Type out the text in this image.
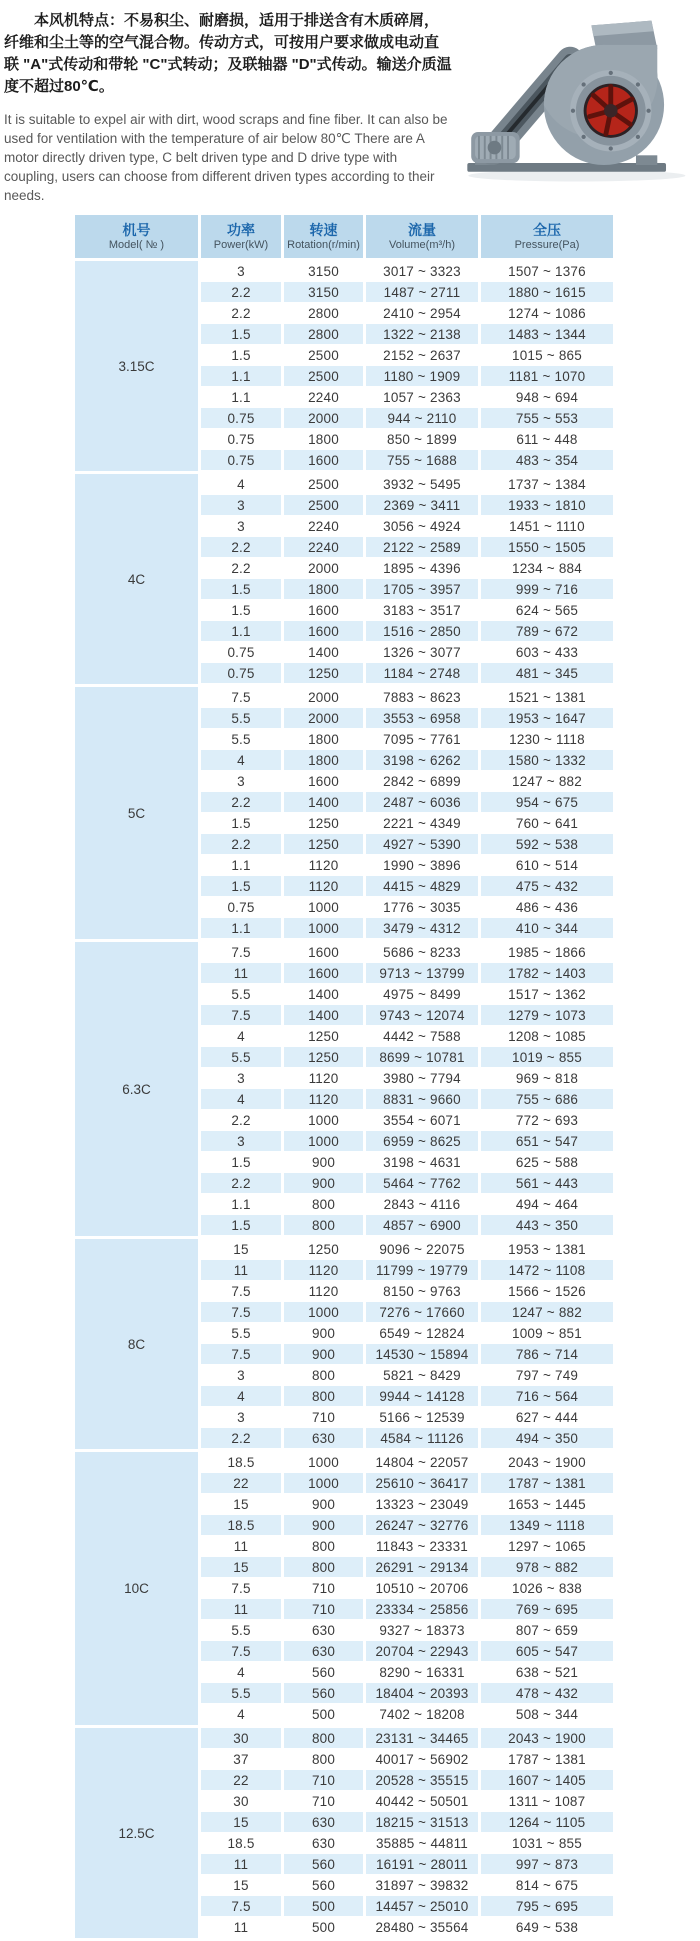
本风机特点：不易积尘、耐磨损，适用于排送含有木质碎屑，纤维和尘土等的空气混合物。传动方式，可按用户要求做成电动直联 "A"式传动和带轮 "C"式转动；及联轴器 "D"式传动。输送介质温度不超过80℃。

It is suitable to expel air with dirt, wood scraps and fine fiber. It can also be used for ventilation with the temperature of air below 80℃ There are A motor directly driven type, C belt driven type and D drive type with coupling, users can choose from different driven types according to their needs.

机号
Model( № )
功率
Power(kW)
转速
Rotation(r/min)
流量
Volume(m³/h)
全压
Pressure(Pa)
3.15C
3	3150	3017 ~ 3323	1507 ~ 1376
2.2	3150	1487 ~ 2711	1880 ~ 1615
2.2	2800	2410 ~ 2954	1274 ~ 1086
1.5	2800	1322 ~ 2138	1483 ~ 1344
1.5	2500	2152 ~ 2637	1015 ~ 865
1.1	2500	1180 ~ 1909	1181 ~ 1070
1.1	2240	1057 ~ 2363	948 ~ 694
0.75	2000	944 ~ 2110	755 ~ 553
0.75	1800	850 ~ 1899	611 ~ 448
0.75	1600	755 ~ 1688	483 ~ 354
4C
4	2500	3932 ~ 5495	1737 ~ 1384
3	2500	2369 ~ 3411	1933 ~ 1810
3	2240	3056 ~ 4924	1451 ~ 1110
2.2	2240	2122 ~ 2589	1550 ~ 1505
2.2	2000	1895 ~ 4396	1234 ~ 884
1.5	1800	1705 ~ 3957	999 ~ 716
1.5	1600	3183 ~ 3517	624 ~ 565
1.1	1600	1516 ~ 2850	789 ~ 672
0.75	1400	1326 ~ 3077	603 ~ 433
0.75	1250	1184 ~ 2748	481 ~ 345
5C
7.5	2000	7883 ~ 8623	1521 ~ 1381
5.5	2000	3553 ~ 6958	1953 ~ 1647
5.5	1800	7095 ~ 7761	1230 ~ 1118
4	1800	3198 ~ 6262	1580 ~ 1332
3	1600	2842 ~ 6899	1247 ~ 882
2.2	1400	2487 ~ 6036	954 ~ 675
1.5	1250	2221 ~ 4349	760 ~ 641
2.2	1250	4927 ~ 5390	592 ~ 538
1.1	1120	1990 ~ 3896	610 ~ 514
1.5	1120	4415 ~ 4829	475 ~ 432
0.75	1000	1776 ~ 3035	486 ~ 436
1.1	1000	3479 ~ 4312	410 ~ 344
6.3C
7.5	1600	5686 ~ 8233	1985 ~ 1866
11	1600	9713 ~ 13799	1782 ~ 1403
5.5	1400	4975 ~ 8499	1517 ~ 1362
7.5	1400	9743 ~ 12074	1279 ~ 1073
4	1250	4442 ~ 7588	1208 ~ 1085
5.5	1250	8699 ~ 10781	1019 ~ 855
3	1120	3980 ~ 7794	969 ~ 818
4	1120	8831 ~ 9660	755 ~ 686
2.2	1000	3554 ~ 6071	772 ~ 693
3	1000	6959 ~ 8625	651 ~ 547
1.5	900	3198 ~ 4631	625 ~ 588
2.2	900	5464 ~ 7762	561 ~ 443
1.1	800	2843 ~ 4116	494 ~ 464
1.5	800	4857 ~ 6900	443 ~ 350
8C
15	1250	9096 ~ 22075	1953 ~ 1381
11	1120	11799 ~ 19779	1472 ~ 1108
7.5	1120	8150 ~ 9763	1566 ~ 1526
7.5	1000	7276 ~ 17660	1247 ~ 882
5.5	900	6549 ~ 12824	1009 ~ 851
7.5	900	14530 ~ 15894	786 ~ 714
3	800	5821 ~ 8429	797 ~ 749
4	800	9944 ~ 14128	716 ~ 564
3	710	5166 ~ 12539	627 ~ 444
2.2	630	4584 ~ 11126	494 ~ 350
10C
18.5	1000	14804 ~ 22057	2043 ~ 1900
22	1000	25610 ~ 36417	1787 ~ 1381
15	900	13323 ~ 23049	1653 ~ 1445
18.5	900	26247 ~ 32776	1349 ~ 1118
11	800	11843 ~ 23331	1297 ~ 1065
15	800	26291 ~ 29134	978 ~ 882
7.5	710	10510 ~ 20706	1026 ~ 838
11	710	23334 ~ 25856	769 ~ 695
5.5	630	9327 ~ 18373	807 ~ 659
7.5	630	20704 ~ 22943	605 ~ 547
4	560	8290 ~ 16331	638 ~ 521
5.5	560	18404 ~ 20393	478 ~ 432
4	500	7402 ~ 18208	508 ~ 344
12.5C
30	800	23131 ~ 34465	2043 ~ 1900
37	800	40017 ~ 56902	1787 ~ 1381
22	710	20528 ~ 35515	1607 ~ 1405
30	710	40442 ~ 50501	1311 ~ 1087
15	630	18215 ~ 31513	1264 ~ 1105
18.5	630	35885 ~ 44811	1031 ~ 855
11	560	16191 ~ 28011	997 ~ 873
15	560	31897 ~ 39832	814 ~ 675
7.5	500	14457 ~ 25010	795 ~ 695
11	500	28480 ~ 35564	649 ~ 538
